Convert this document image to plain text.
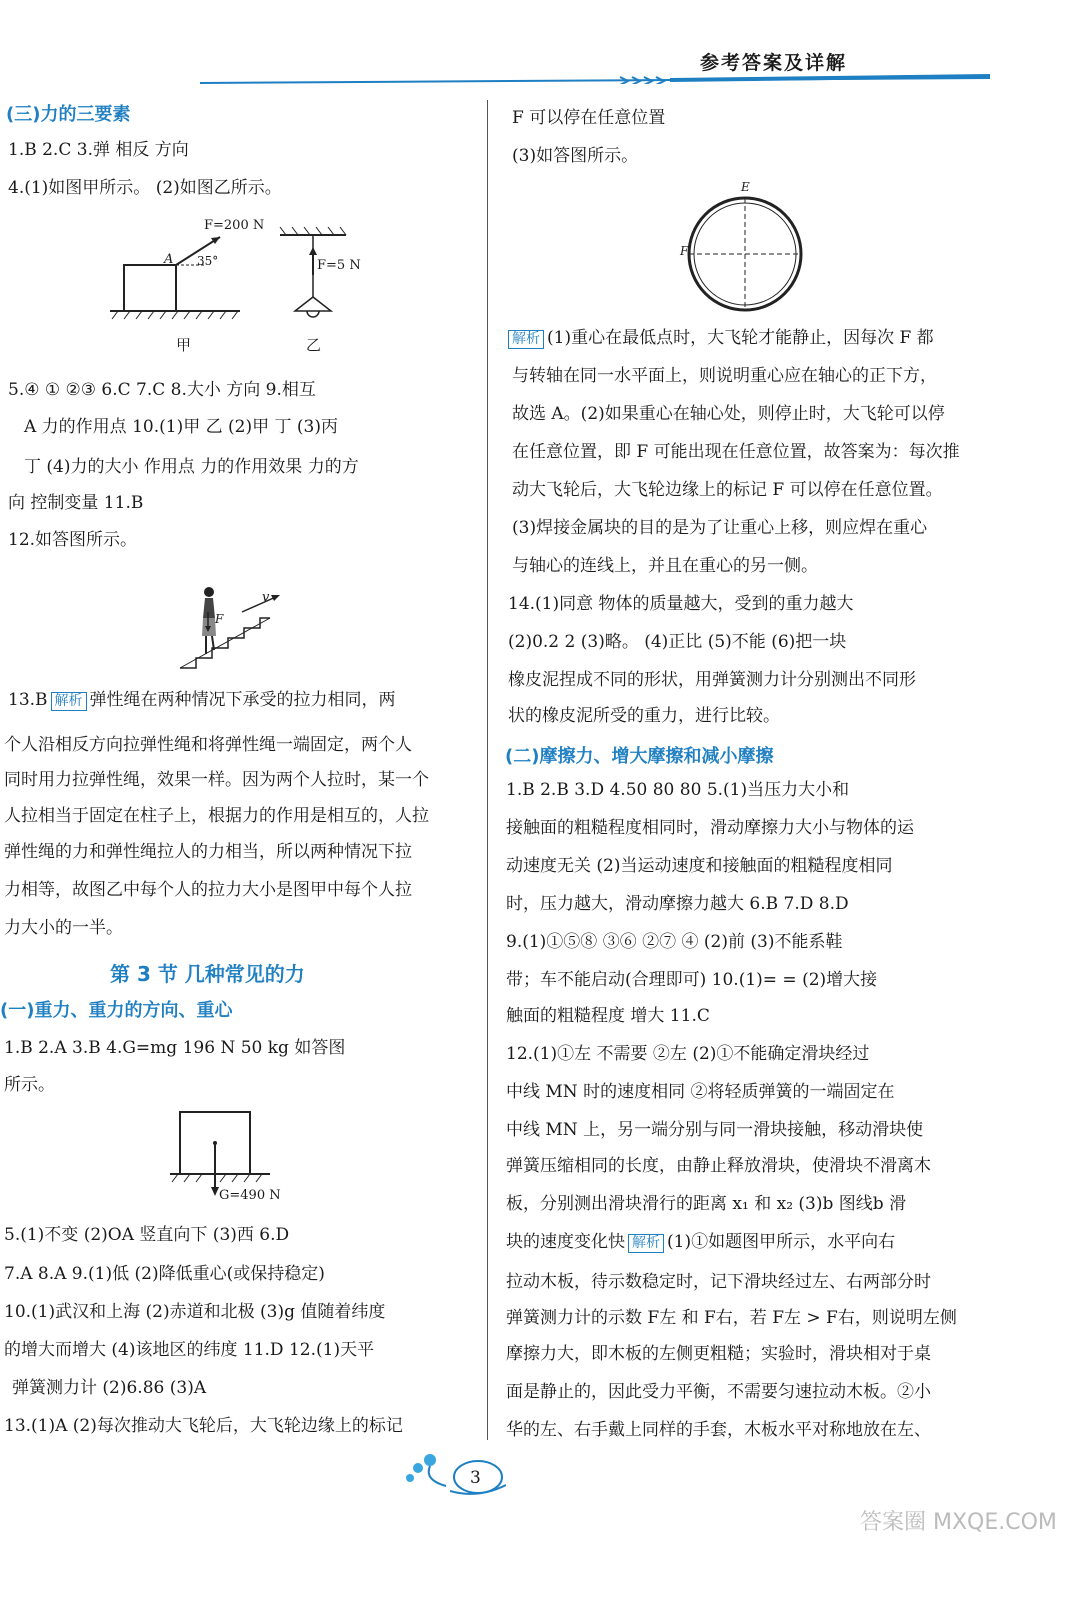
参考答案及详解
(三)力的三要素
1.B 2.C 3.弹 相反 方向
4.(1)如图甲所示。 (2)如图乙所示。
F=200 N
A 35°	F=5 N
甲	乙
5.④ ① ②③ 6.C 7.C 8.大小 方向 9.相互
A 力的作用点 10.(1)甲 乙 (2)甲 丁 (3)丙
丁 (4)力的大小 作用点 力的作用效果 力的方
向 控制变量 11.B
12.如答图所示。
v
F
13.B 解析 弹性绳在两种情况下承受的拉力相同，两
个人沿相反方向拉弹性绳和将弹性绳一端固定，两个人
同时用力拉弹性绳，效果一样。因为两个人拉时，某一个
人拉相当于固定在柱子上，根据力的作用是相互的，人拉
弹性绳的力和弹性绳拉人的力相当，所以两种情况下拉
力相等，故图乙中每个人的拉力大小是图甲中每个人拉
力大小的一半。
第 3 节 几种常见的力
(一)重力、重力的方向、重心
1.B 2.A 3.B 4.G=mg 196 N 50 kg 如答图
所示。
G=490 N
5.(1)不变 (2)OA 竖直向下 (3)西 6.D
7.A 8.A 9.(1)低 (2)降低重心(或保持稳定)
10.(1)武汉和上海 (2)赤道和北极 (3)g 值随着纬度
的增大而增大 (4)该地区的纬度 11.D 12.(1)天平
弹簧测力计 (2)6.86 (3)A
13.(1)A (2)每次推动大飞轮后，大飞轮边缘上的标记
F 可以停在任意位置
(3)如答图所示。
E
F
解析 (1)重心在最低点时，大飞轮才能静止，因每次 F 都
与转轴在同一水平面上，则说明重心应在轴心的正下方，
故选 A。(2)如果重心在轴心处，则停止时，大飞轮可以停
在任意位置，即 F 可能出现在任意位置，故答案为：每次推
动大飞轮后，大飞轮边缘上的标记 F 可以停在任意位置。
(3)焊接金属块的目的是为了让重心上移，则应焊在重心
与轴心的连线上，并且在重心的另一侧。
14.(1)同意 物体的质量越大，受到的重力越大
(2)0.2 2 (3)略。 (4)正比 (5)不能 (6)把一块
橡皮泥捏成不同的形状，用弹簧测力计分别测出不同形
状的橡皮泥所受的重力，进行比较。
(二)摩擦力、增大摩擦和减小摩擦
1.B 2.B 3.D 4.50 80 80 5.(1)当压力大小和
接触面的粗糙程度相同时，滑动摩擦力大小与物体的运
动速度无关 (2)当运动速度和接触面的粗糙程度相同
时，压力越大，滑动摩擦力越大 6.B 7.D 8.D
9.(1)①⑤⑧ ③⑥ ②⑦ ④ (2)前 (3)不能系鞋
带；车不能启动(合理即可) 10.(1)= = (2)增大接
触面的粗糙程度 增大 11.C
12.(1)①左 不需要 ②左 (2)①不能确定滑块经过
中线 MN 时的速度相同 ②将轻质弹簧的一端固定在
中线 MN 上，另一端分别与同一滑块接触，移动滑块使
弹簧压缩相同的长度，由静止释放滑块，使滑块不滑离木
板，分别测出滑块滑行的距离 x₁ 和 x₂ (3)b 图线b 滑
块的速度变化快 解析 (1)①如题图甲所示，水平向右
拉动木板，待示数稳定时，记下滑块经过左、右两部分时
弹簧测力计的示数 F左 和 F右，若 F左 > F右，则说明左侧
摩擦力大，即木板的左侧更粗糙；实验时，滑块相对于桌
面是静止的，因此受力平衡，不需要匀速拉动木板。②小
华的左、右手戴上同样的手套，木板水平对称地放在左、
3
答案圈 MXQE.COM
